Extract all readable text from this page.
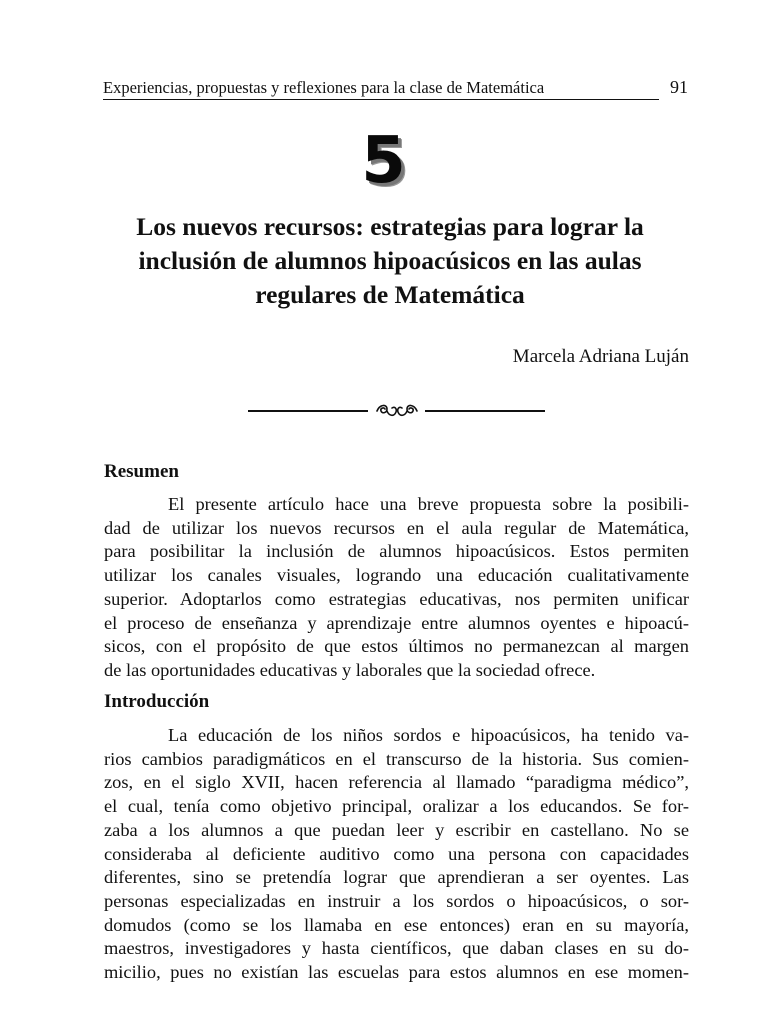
Experiencias, propuestas y reflexiones para la clase de Matemática	91
5
Los nuevos recursos: estrategias para lograr la
inclusión de alumnos hipoacúsicos en las aulas
regulares de Matemática
Marcela Adriana Luján
Resumen
El presente artículo hace una breve propuesta sobre la posibili-
dad de utilizar los nuevos recursos en el aula regular de Matemática,
para posibilitar la inclusión de alumnos hipoacúsicos. Estos permiten
utilizar los canales visuales, logrando una educación cualitativamente
superior. Adoptarlos como estrategias educativas, nos permiten unificar
el proceso de enseñanza y aprendizaje entre alumnos oyentes e hipoacú-
sicos, con el propósito de que estos últimos no permanezcan al margen
de las oportunidades educativas y laborales que la sociedad ofrece.
Introducción
La educación de los niños sordos e hipoacúsicos, ha tenido va-
rios cambios paradigmáticos en el transcurso de la historia. Sus comien-
zos, en el siglo XVII, hacen referencia al llamado “paradigma médico”,
el cual, tenía como objetivo principal, oralizar a los educandos. Se for-
zaba a los alumnos a que puedan leer y escribir en castellano. No se
consideraba al deficiente auditivo como una persona con capacidades
diferentes, sino se pretendía lograr que aprendieran a ser oyentes. Las
personas especializadas en instruir a los sordos o hipoacúsicos, o sor-
domudos (como se los llamaba en ese entonces) eran en su mayoría,
maestros, investigadores y hasta científicos, que daban clases en su do-
micilio, pues no existían las escuelas para estos alumnos en ese momen-
